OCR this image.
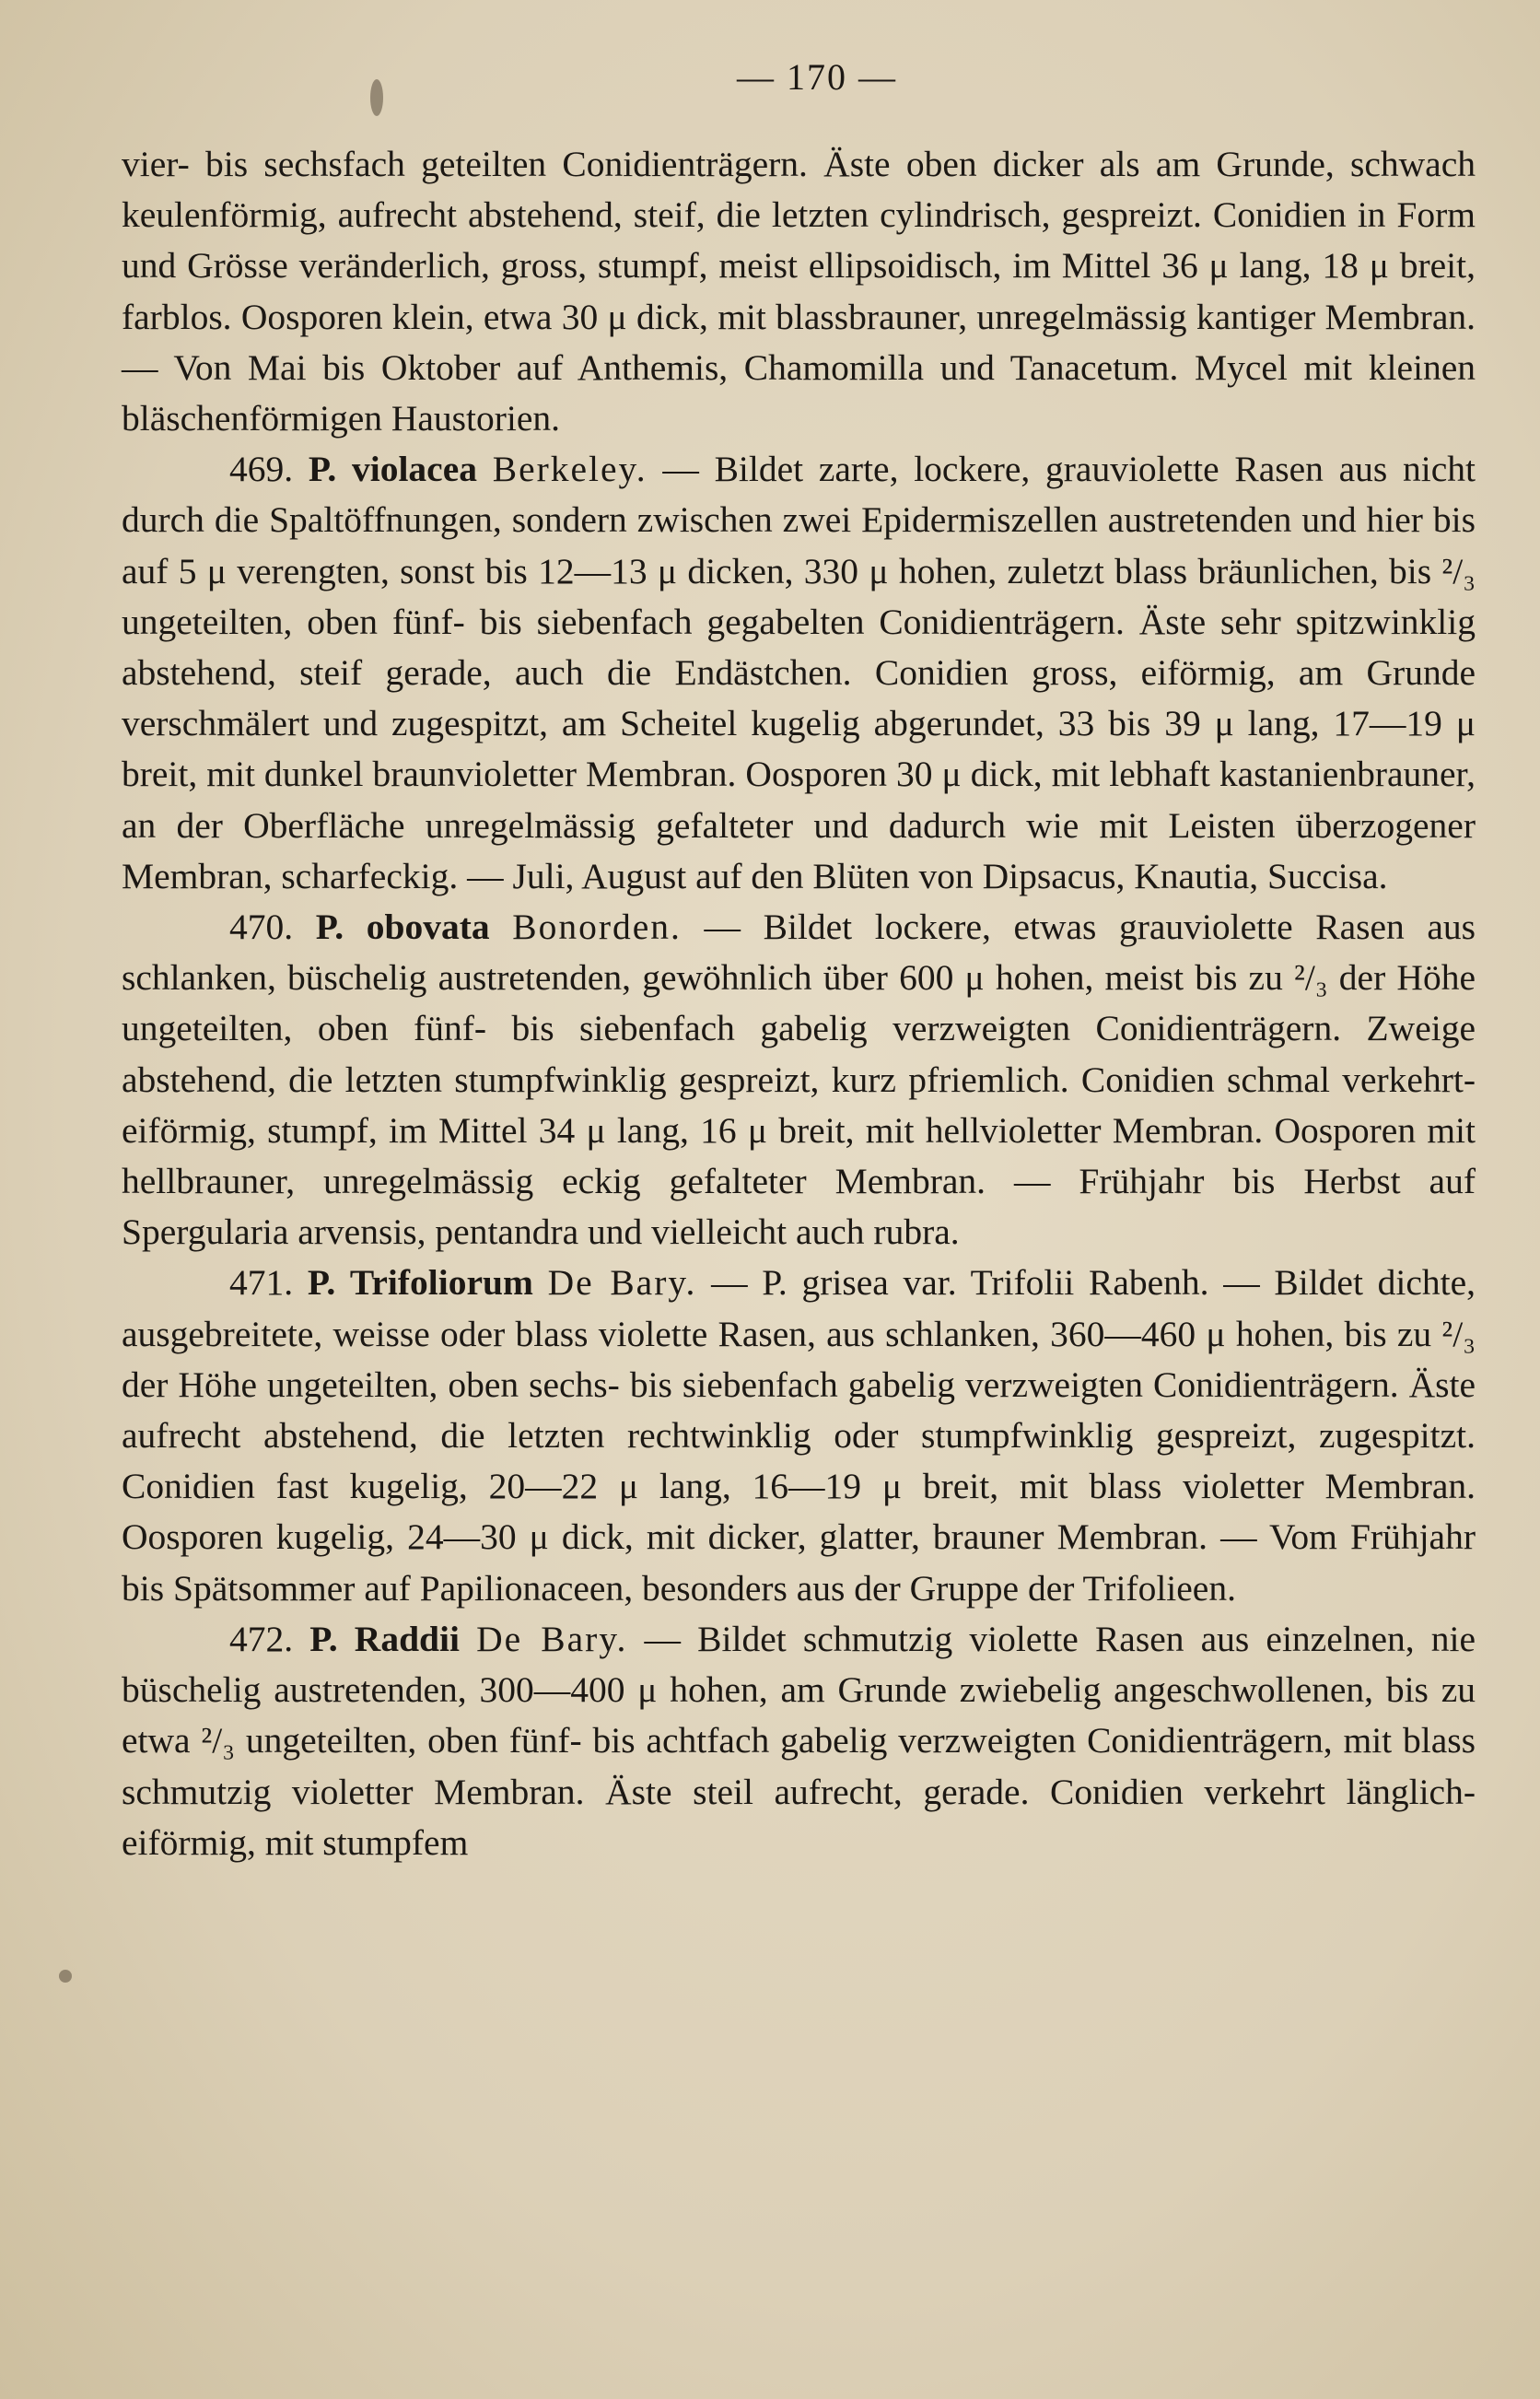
— 170 —

vier- bis sechsfach geteilten Conidienträgern. Äste oben dicker als am Grunde, schwach keulenförmig, aufrecht abstehend, steif, die letzten cylindrisch, gespreizt. Conidien in Form und Grösse veränderlich, gross, stumpf, meist ellipsoidisch, im Mittel 36 μ lang, 18 μ breit, farblos. Oosporen klein, etwa 30 μ dick, mit blassbrauner, unregelmässig kantiger Membran. — Von Mai bis Oktober auf Anthemis, Chamomilla und Tanacetum. Mycel mit kleinen bläschenförmigen Haustorien.

469. P. violacea Berkeley. — Bildet zarte, lockere, grauviolette Rasen aus nicht durch die Spaltöffnungen, sondern zwischen zwei Epidermiszellen austretenden und hier bis auf 5 μ verengten, sonst bis 12—13 μ dicken, 330 μ hohen, zuletzt blass bräunlichen, bis ²/₃ ungeteilten, oben fünf- bis siebenfach gegabelten Conidienträgern. Äste sehr spitzwinklig abstehend, steif gerade, auch die Endästchen. Conidien gross, eiförmig, am Grunde verschmälert und zugespitzt, am Scheitel kugelig abgerundet, 33 bis 39 μ lang, 17—19 μ breit, mit dunkel braunvioletter Membran. Oosporen 30 μ dick, mit lebhaft kastanienbrauner, an der Oberfläche unregelmässig gefalteter und dadurch wie mit Leisten überzogener Membran, scharfeckig. — Juli, August auf den Blüten von Dipsacus, Knautia, Succisa.

470. P. obovata Bonorden. — Bildet lockere, etwas grauviolette Rasen aus schlanken, büschelig austretenden, gewöhnlich über 600 μ hohen, meist bis zu ²/₃ der Höhe ungeteilten, oben fünf- bis siebenfach gabelig verzweigten Conidienträgern. Zweige abstehend, die letzten stumpfwinklig gespreizt, kurz pfriemlich. Conidien schmal verkehrt-eiförmig, stumpf, im Mittel 34 μ lang, 16 μ breit, mit hellvioletter Membran. Oosporen mit hellbrauner, unregelmässig eckig gefalteter Membran. — Frühjahr bis Herbst auf Spergularia arvensis, pentandra und vielleicht auch rubra.

471. P. Trifoliorum De Bary. — P. grisea var. Trifolii Rabenh. — Bildet dichte, ausgebreitete, weisse oder blass violette Rasen, aus schlanken, 360—460 μ hohen, bis zu ²/₃ der Höhe ungeteilten, oben sechs- bis siebenfach gabelig verzweigten Conidienträgern. Äste aufrecht abstehend, die letzten rechtwinklig oder stumpfwinklig gespreizt, zugespitzt. Conidien fast kugelig, 20—22 μ lang, 16—19 μ breit, mit blass violetter Membran. Oosporen kugelig, 24—30 μ dick, mit dicker, glatter, brauner Membran. — Vom Frühjahr bis Spätsommer auf Papilionaceen, besonders aus der Gruppe der Trifolieen.

472. P. Raddii De Bary. — Bildet schmutzig violette Rasen aus einzelnen, nie büschelig austretenden, 300—400 μ hohen, am Grunde zwiebelig angeschwollenen, bis zu etwa ²/₃ ungeteilten, oben fünf- bis achtfach gabelig verzweigten Conidienträgern, mit blass schmutzig violetter Membran. Äste steil aufrecht, gerade. Conidien verkehrt länglich-eiförmig, mit stumpfem
